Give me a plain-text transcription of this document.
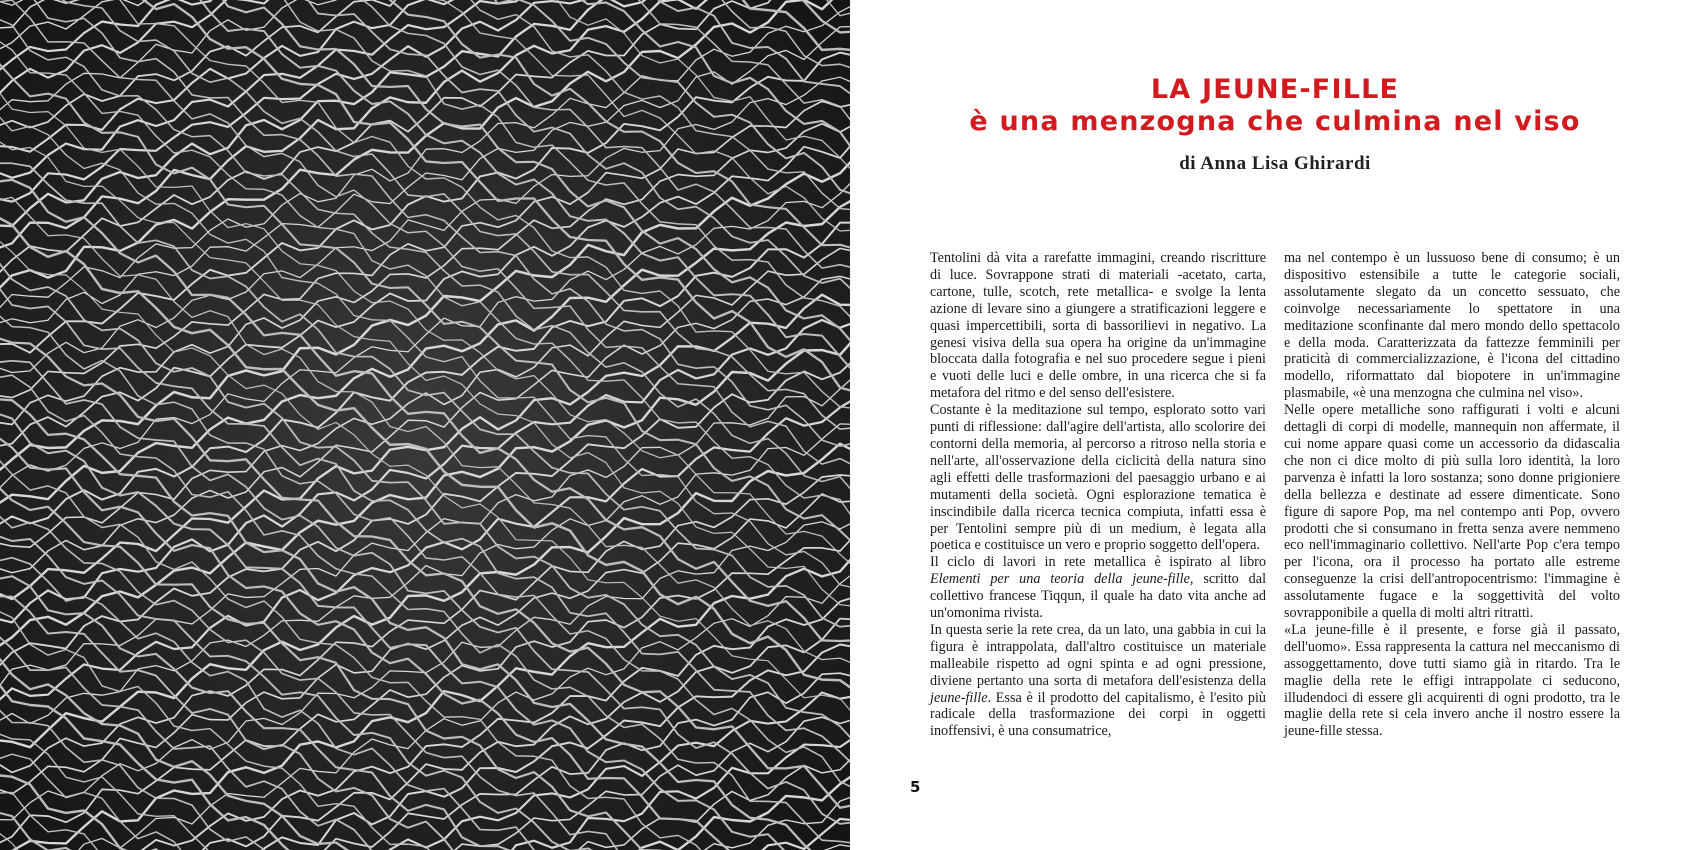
LA JEUNE-FILLE
è una menzogna che culmina nel viso
di Anna Lisa Ghirardi

Tentolini dà vita a rarefatte immagini, creando riscritture di luce. Sovrappone strati di materiali -acetato, carta, cartone, tulle, scotch, rete metallica- e svolge la lenta azione di levare sino a giungere a stratificazioni leggere e quasi impercettibili, sorta di bassorilievi in negativo. La genesi visiva della sua opera ha origine da un'immagine bloccata dalla fotografia e nel suo procedere segue i pieni e vuoti delle luci e delle ombre, in una ricerca che si fa metafora del ritmo e del senso dell'esistere.

Costante è la meditazione sul tempo, esplorato sotto vari punti di riflessione: dall'agire dell'artista, allo scolorire dei contorni della memoria, al percorso a ritroso nella storia e nell'arte, all'osservazione della ciclicità della natura sino agli effetti delle trasformazioni del paesaggio urbano e ai mutamenti della società. Ogni esplorazione tematica è inscindibile dalla ricerca tecnica compiuta, infatti essa è per Tentolini sempre più di un medium, è legata alla poetica e costituisce un vero e proprio soggetto dell'opera.

Il ciclo di lavori in rete metallica è ispirato al libro Elementi per una teoria della jeune-fille, scritto dal collettivo francese Tiqqun, il quale ha dato vita anche ad un'omonima rivista.

In questa serie la rete crea, da un lato, una gabbia in cui la figura è intrappolata, dall'altro costituisce un materiale malleabile rispetto ad ogni spinta e ad ogni pressione, diviene pertanto una sorta di metafora dell'esistenza della jeune-fille. Essa è il prodotto del capitalismo, è l'esito più radicale della trasformazione dei corpi in oggetti inoffensivi, è una consumatrice,

ma nel contempo è un lussuoso bene di consumo; è un dispositivo estensibile a tutte le categorie sociali, assolutamente slegato da un concetto sessuato, che coinvolge necessariamente lo spettatore in una meditazione sconfinante dal mero mondo dello spettacolo e della moda. Caratterizzata da fattezze femminili per praticità di commercializzazione, è l'icona del cittadino modello, riformattato dal biopotere in un'immagine plasmabile, «è una menzogna che culmina nel viso».

Nelle opere metalliche sono raffigurati i volti e alcuni dettagli di corpi di modelle, mannequin non affermate, il cui nome appare quasi come un accessorio da didascalia che non ci dice molto di più sulla loro identità, la loro parvenza è infatti la loro sostanza; sono donne prigioniere della bellezza e destinate ad essere dimenticate. Sono figure di sapore Pop, ma nel contempo anti Pop, ovvero prodotti che si consumano in fretta senza avere nemmeno eco nell'immaginario collettivo. Nell'arte Pop c'era tempo per l'icona, ora il processo ha portato alle estreme conseguenze la crisi dell'antropocentrismo: l'immagine è assolutamente fugace e la soggettività del volto sovrapponibile a quella di molti altri ritratti.

«La jeune-fille è il presente, e forse già il passato, dell'uomo». Essa rappresenta la cattura nel meccanismo di assoggettamento, dove tutti siamo già in ritardo. Tra le maglie della rete le effigi intrappolate ci seducono, illudendoci di essere gli acquirenti di ogni prodotto, tra le maglie della rete si cela invero anche il nostro essere la jeune-fille stessa.

5
